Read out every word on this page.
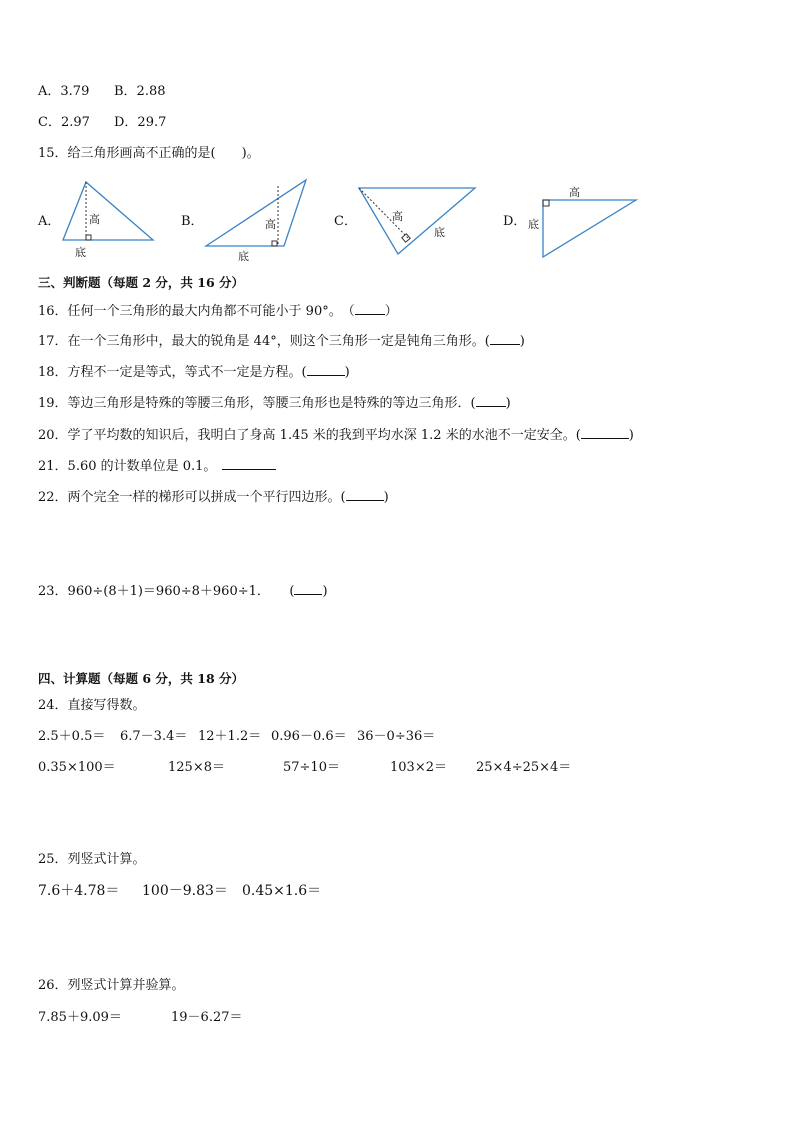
A．3.79 B．2.88
C．2.97 D．29.7
15．给三角形画高不正确的是(　　)。
A．	B．	C．	D．
高
底
高
底
高
底
高
底
三、判断题（每题 2 分，共 16 分）
16．任何一个三角形的最大内角都不可能小于 90°。　（ ）
17．在一个三角形中，最大的锐角是 44°，则这个三角形一定是钝角三角形。( )
18．方程不一定是等式，等式不一定是方程。(	)
19．等边三角形是特殊的等腰三角形，等腰三角形也是特殊的等边三角形．( )
20．学了平均数的知识后，我明白了身高 1.45 米的我到平均水深 1.2 米的水池不一定安全。(	)
21．5.60 的计数单位是 0.1。
22．两个完全一样的梯形可以拼成一个平行四边形。(	)
23．960÷(8＋1)＝960÷8＋960÷1．　　( )
四、计算题（每题 6 分，共 18 分）
24．直接写得数。
2.5＋0.5＝ 6.7－3.4＝ 12＋1.2＝ 0.96－0.6＝ 36－0÷36＝
0.35×100＝	125×8＝	57÷10＝	103×2＝ 25×4÷25×4＝
25．列竖式计算。
7.6＋4.78＝ 100－9.83＝ 0.45×1.6＝
26．列竖式计算并验算。
7.85＋9.09＝	19－6.27＝
